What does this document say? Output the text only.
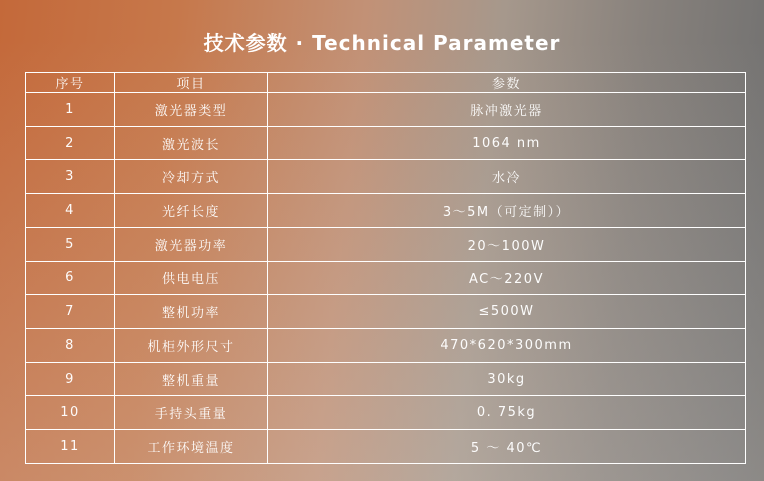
技术参数 · Technical Parameter
序号	项目	参数
1	激光器类型	脉冲激光器
2	激光波长	1064 nm
3	冷却方式	水冷
4	光纤长度	3～5M（可定制））
5	激光器功率	20～100W
6	供电电压	AC～220V
7	整机功率	≤500W
8	机柜外形尺寸	470*620*300mm
9	整机重量	30kg
10	手持头重量	0. 75kg
11	工作环境温度	5 ～ 40℃
